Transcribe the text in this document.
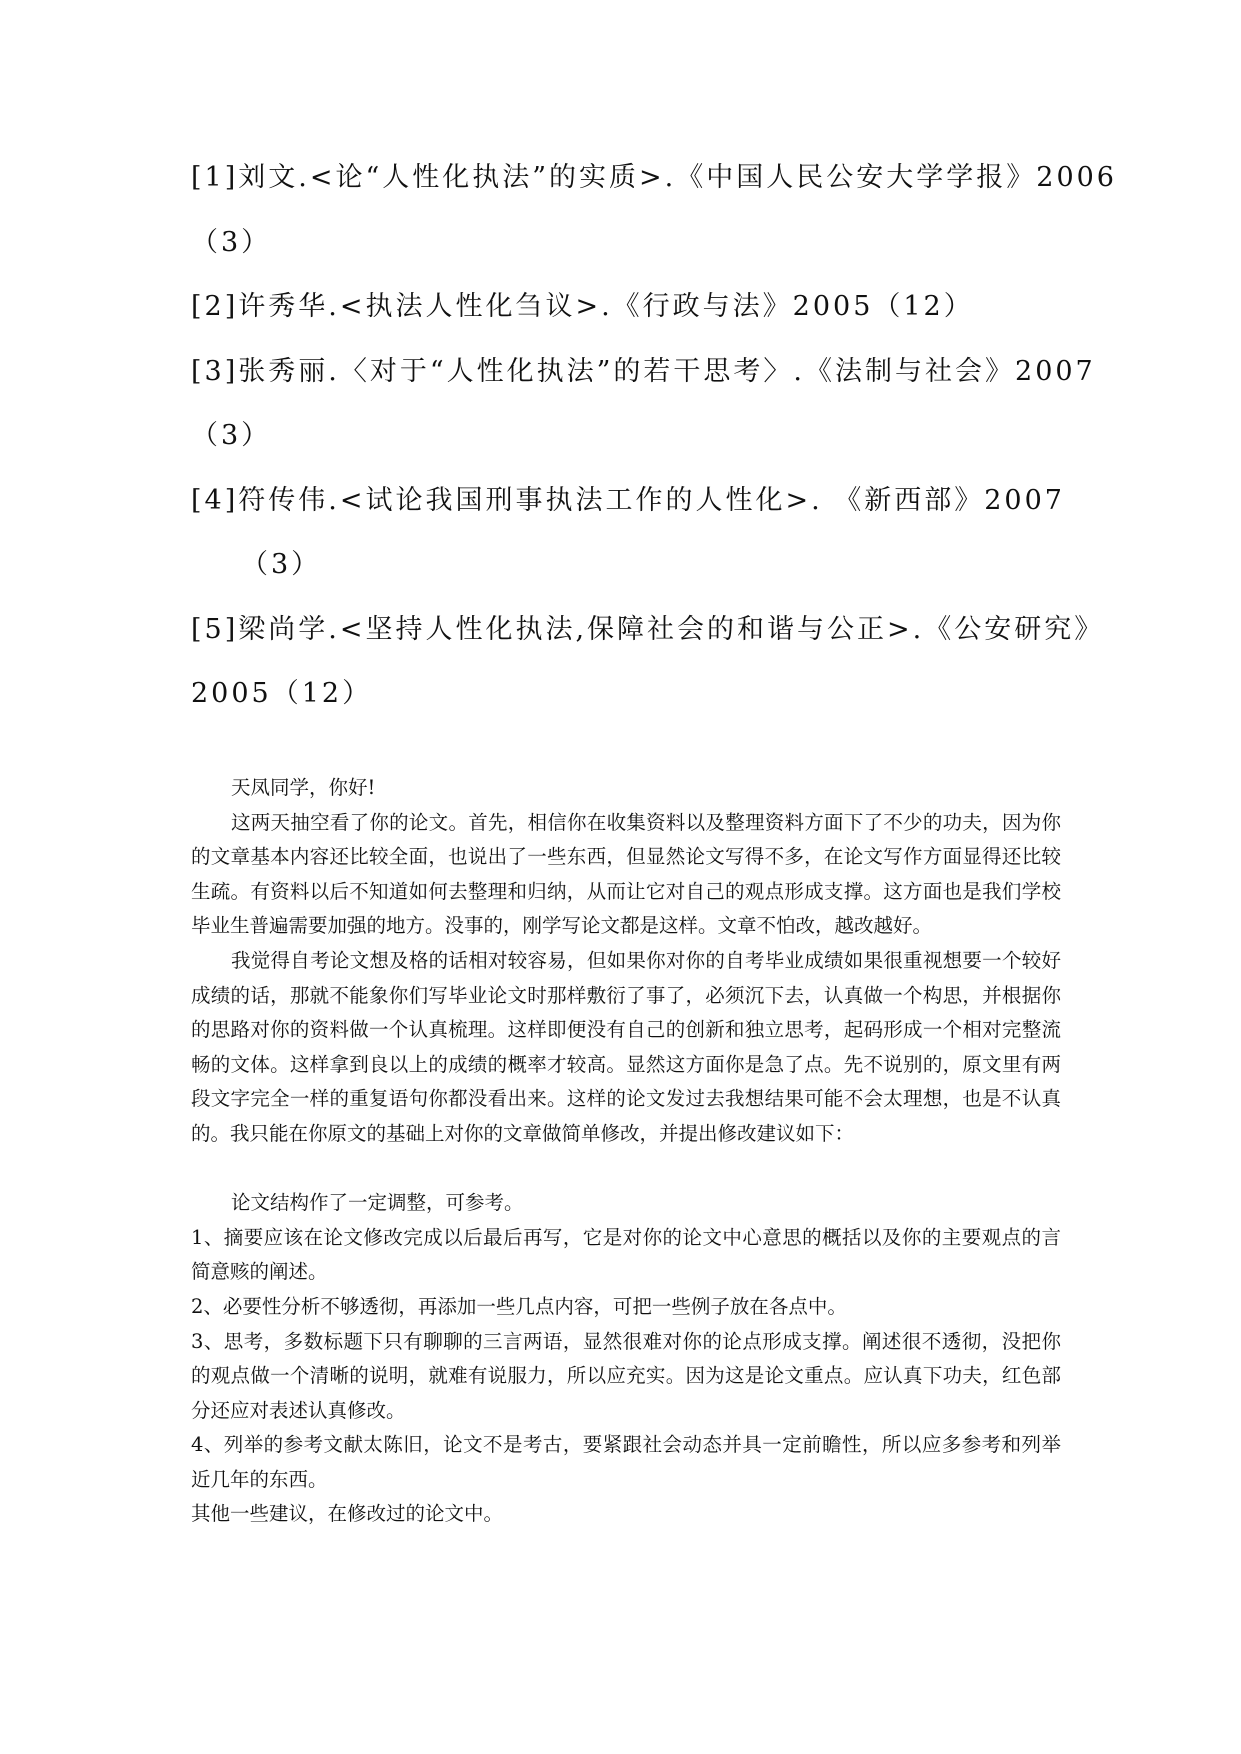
[1]刘文.<论“人性化执法”的实质>.《中国人民公安大学学报》2006
（3）
[2]许秀华.<执法人性化刍议>.《行政与法》2005（12）
[3]张秀丽.〈对于“人性化执法”的若干思考〉.《法制与社会》2007
（3）
[4]符传伟.<试论我国刑事执法工作的人性化>. 《新西部》2007
（3）
[5]梁尚学.<坚持人性化执法,保障社会的和谐与公正>.《公安研究》
2005（12）

天凤同学，你好!

这两天抽空看了你的论文。首先，相信你在收集资料以及整理资料方面下了不少的功夫，因为你的文章基本内容还比较全面，也说出了一些东西，但显然论文写得不多，在论文写作方面显得还比较生疏。有资料以后不知道如何去整理和归纳，从而让它对自己的观点形成支撑。这方面也是我们学校毕业生普遍需要加强的地方。没事的，刚学写论文都是这样。文章不怕改，越改越好。

我觉得自考论文想及格的话相对较容易，但如果你对你的自考毕业成绩如果很重视想要一个较好成绩的话，那就不能象你们写毕业论文时那样敷衍了事了，必须沉下去，认真做一个构思，并根据你的思路对你的资料做一个认真梳理。这样即便没有自己的创新和独立思考，起码形成一个相对完整流畅的文体。这样拿到良以上的成绩的概率才较高。显然这方面你是急了点。先不说别的，原文里有两段文字完全一样的重复语句你都没看出来。这样的论文发过去我想结果可能不会太理想，也是不认真的。我只能在你原文的基础上对你的文章做简单修改，并提出修改建议如下：

论文结构作了一定调整，可参考。

1、摘要应该在论文修改完成以后最后再写，它是对你的论文中心意思的概括以及你的主要观点的言简意赅的阐述。

2、必要性分析不够透彻，再添加一些几点内容，可把一些例子放在各点中。

3、思考，多数标题下只有聊聊的三言两语，显然很难对你的论点形成支撑。阐述很不透彻，没把你的观点做一个清晰的说明，就难有说服力，所以应充实。因为这是论文重点。应认真下功夫，红色部分还应对表述认真修改。

4、列举的参考文献太陈旧，论文不是考古，要紧跟社会动态并具一定前瞻性，所以应多参考和列举近几年的东西。

其他一些建议，在修改过的论文中。
